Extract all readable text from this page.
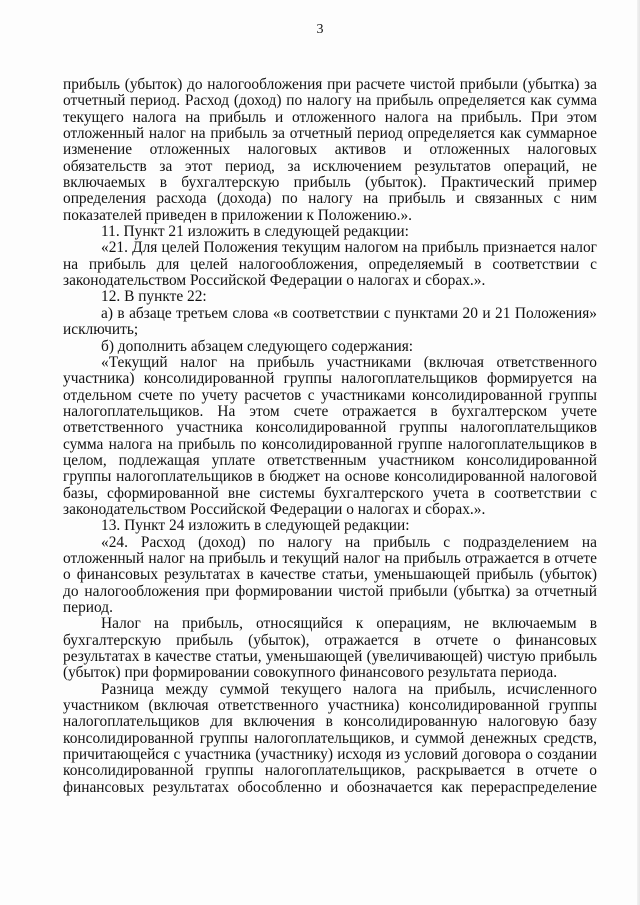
3

прибыль (убыток) до налогообложения при расчете чистой прибыли (убытка) за отчетный период. Расход (доход) по налогу на прибыль определяется как сумма текущего налога на прибыль и отложенного налога на прибыль. При этом отложенный налог на прибыль за отчетный период определяется как суммарное изменение отложенных налоговых активов и отложенных налоговых обязательств за этот период, за исключением результатов операций, не включаемых в бухгалтерскую прибыль (убыток). Практический пример определения расхода (дохода) по налогу на прибыль и связанных с ним показателей приведен в приложении к Положению.».

11. Пункт 21 изложить в следующей редакции:

«21. Для целей Положения текущим налогом на прибыль признается налог на прибыль для целей налогообложения, определяемый в соответствии с законодательством Российской Федерации о налогах и сборах.».

12. В пункте 22:

а) в абзаце третьем слова «в соответствии с пунктами 20 и 21 Положения» исключить;

б) дополнить абзацем следующего содержания:

«Текущий налог на прибыль участниками (включая ответственного участника) консолидированной группы налогоплательщиков формируется на отдельном счете по учету расчетов с участниками консолидированной группы налогоплательщиков. На этом счете отражается в бухгалтерском учете ответственного участника консолидированной группы налогоплательщиков сумма налога на прибыль по консолидированной группе налогоплательщиков в целом, подлежащая уплате ответственным участником консолидированной группы налогоплательщиков в бюджет на основе консолидированной налоговой базы, сформированной вне системы бухгалтерского учета в соответствии с законодательством Российской Федерации о налогах и сборах.».

13. Пункт 24 изложить в следующей редакции:

«24. Расход (доход) по налогу на прибыль с подразделением на отложенный налог на прибыль и текущий налог на прибыль отражается в отчете о финансовых результатах в качестве статьи, уменьшающей прибыль (убыток) до налогообложения при формировании чистой прибыли (убытка) за отчетный период.

Налог на прибыль, относящийся к операциям, не включаемым в бухгалтерскую прибыль (убыток), отражается в отчете о финансовых результатах в качестве статьи, уменьшающей (увеличивающей) чистую прибыль (убыток) при формировании совокупного финансового результата периода.

Разница между суммой текущего налога на прибыль, исчисленного участником (включая ответственного участника) консолидированной группы налогоплательщиков для включения в консолидированную налоговую базу консолидированной группы налогоплательщиков, и суммой денежных средств, причитающейся с участника (участнику) исходя из условий договора о создании консолидированной группы налогоплательщиков, раскрывается в отчете о финансовых результатах обособленно и обозначается как перераспределение
